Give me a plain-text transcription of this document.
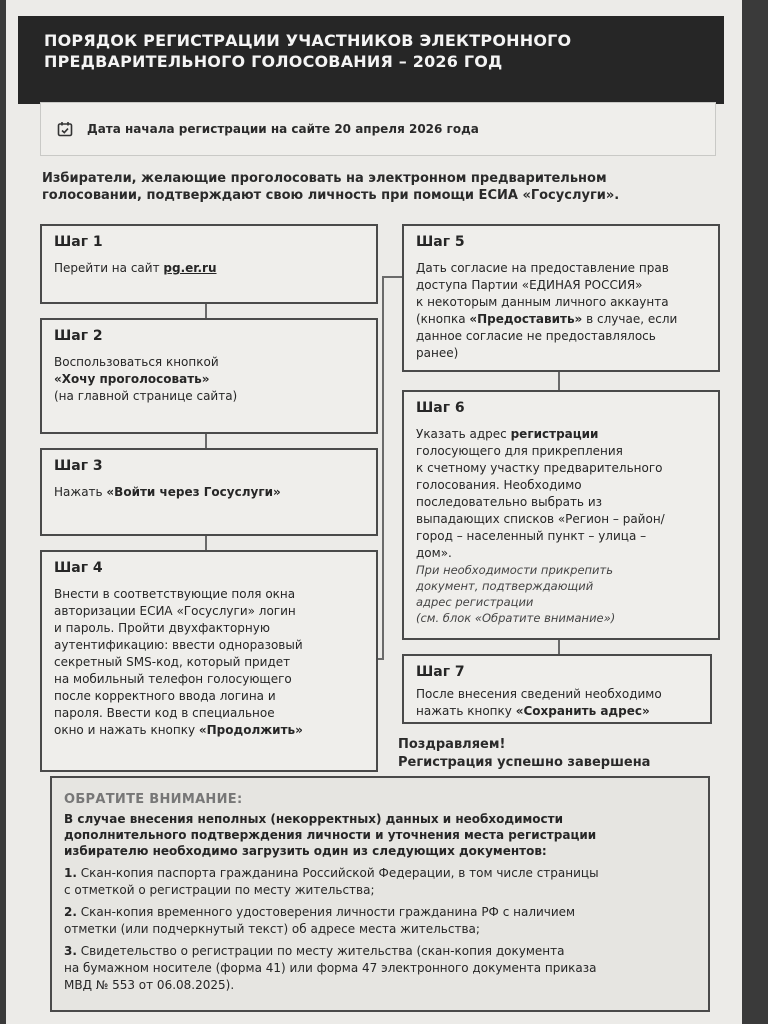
ПОРЯДОК РЕГИСТРАЦИИ УЧАСТНИКОВ ЭЛЕКТРОННОГО
ПРЕДВАРИТЕЛЬНОГО ГОЛОСОВАНИЯ – 2026 ГОД
Дата начала регистрации на сайте 20 апреля 2026 года
Избиратели, желающие проголосовать на электронном предварительном
голосовании, подтверждают свою личность при помощи ЕСИА «Госуслуги».
Шаг 1
Перейти на сайт pg.er.ru
Шаг 2
Воспользоваться кнопкой
«Хочу проголосовать»
(на главной странице сайта)
Шаг 3
Нажать «Войти через Госуслуги»
Шаг 4
Внести в соответствующие поля окна
авторизации ЕСИА «Госуслуги» логин
и пароль. Пройти двухфакторную
аутентификацию: ввести одноразовый
секретный SMS-код, который придет
на мобильный телефон голосующего
после корректного ввода логина и
пароля. Ввести код в специальное
окно и нажать кнопку «Продолжить»
Шаг 5
Дать согласие на предоставление прав
доступа Партии «ЕДИНАЯ РОССИЯ»
к некоторым данным личного аккаунта
(кнопка «Предоставить» в случае, если
данное согласие не предоставлялось
ранее)
Шаг 6
Указать адрес регистрации
голосующего для прикрепления
к счетному участку предварительного
голосования. Необходимо
последовательно выбрать из
выпадающих списков «Регион – район/
город – населенный пункт – улица –
дом».
При необходимости прикрепить
документ, подтверждающий
адрес регистрации
(см. блок «Обратите внимание»)
Шаг 7
После внесения сведений необходимо
нажать кнопку «Сохранить адрес»
Поздравляем!
Регистрация успешно завершена
ОБРАТИТЕ ВНИМАНИЕ:
В случае внесения неполных (некорректных) данных и необходимости
дополнительного подтверждения личности и уточнения места регистрации
избирателю необходимо загрузить один из следующих документов:
1. Скан-копия паспорта гражданина Российской Федерации, в том числе страницы
с отметкой о регистрации по месту жительства;
2. Скан-копия временного удостоверения личности гражданина РФ с наличием
отметки (или подчеркнутый текст) об адресе места жительства;
3. Свидетельство о регистрации по месту жительства (скан-копия документа
на бумажном носителе (форма 41) или форма 47 электронного документа приказа
МВД № 553 от 06.08.2025).
